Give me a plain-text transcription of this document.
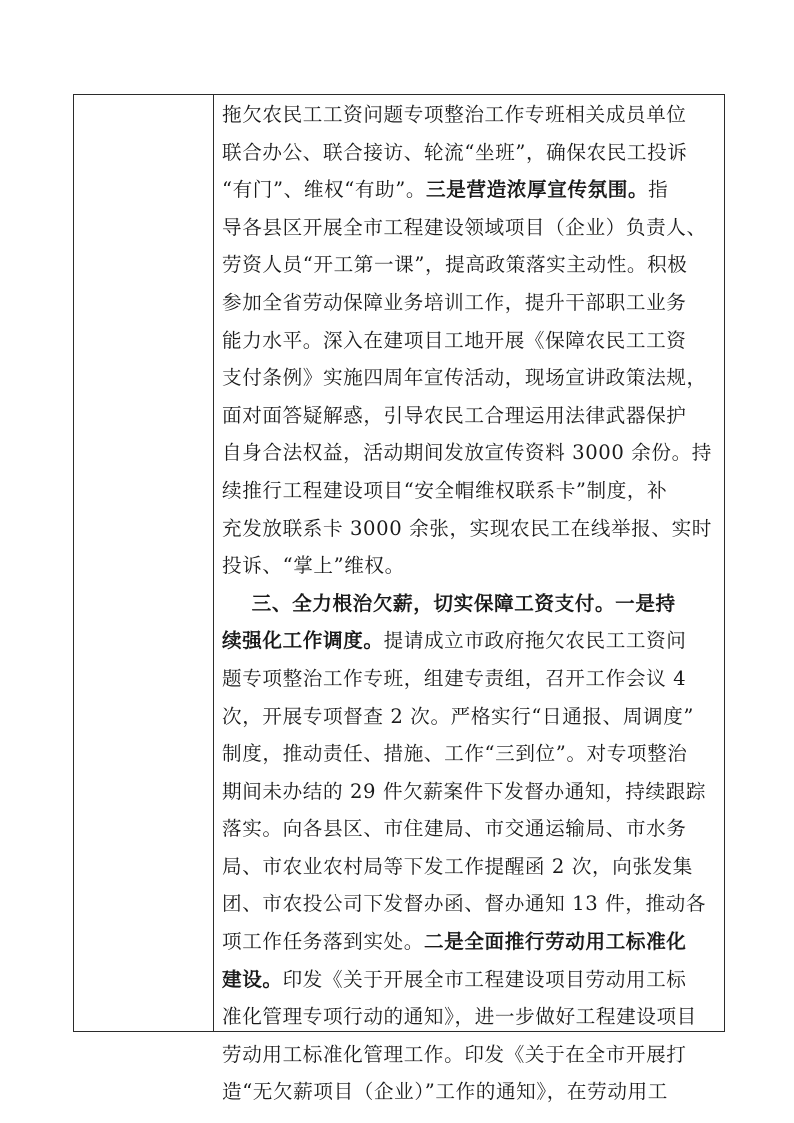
拖欠农民工工资问题专项整治工作专班相关成员单位
联合办公、联合接访、轮流“坐班”，确保农民工投诉
“有门”、维权“有助”。三是营造浓厚宣传氛围。指
导各县区开展全市工程建设领域项目（企业）负责人、
劳资人员“开工第一课”，提高政策落实主动性。积极
参加全省劳动保障业务培训工作，提升干部职工业务
能力水平。深入在建项目工地开展《保障农民工工资
支付条例》实施四周年宣传活动，现场宣讲政策法规，
面对面答疑解惑，引导农民工合理运用法律武器保护
自身合法权益，活动期间发放宣传资料 3000 余份。持
续推行工程建设项目“安全帽维权联系卡”制度，补
充发放联系卡 3000 余张，实现农民工在线举报、实时
投诉、“掌上”维权。
三、全力根治欠薪，切实保障工资支付。一是持
续强化工作调度。提请成立市政府拖欠农民工工资问
题专项整治工作专班，组建专责组，召开工作会议 4
次，开展专项督查 2 次。严格实行“日通报、周调度”
制度，推动责任、措施、工作“三到位”。对专项整治
期间未办结的 29 件欠薪案件下发督办通知，持续跟踪
落实。向各县区、市住建局、市交通运输局、市水务
局、市农业农村局等下发工作提醒函 2 次，向张发集
团、市农投公司下发督办函、督办通知 13 件，推动各
项工作任务落到实处。二是全面推行劳动用工标准化
建设。印发《关于开展全市工程建设项目劳动用工标
准化管理专项行动的通知》，进一步做好工程建设项目
劳动用工标准化管理工作。印发《关于在全市开展打
造“无欠薪项目（企业）”工作的通知》，在劳动用工
